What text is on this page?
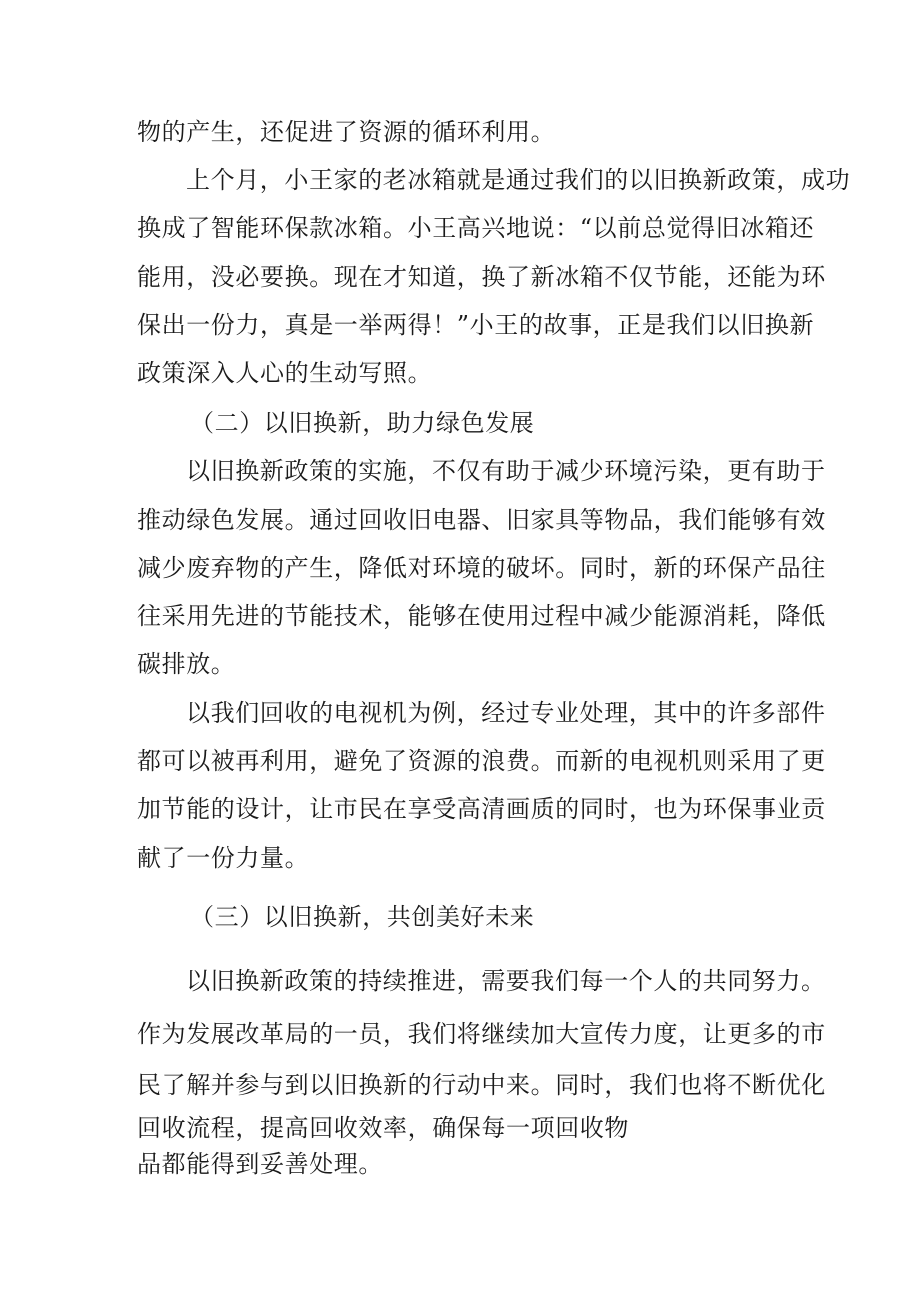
物的产生，还促进了资源的循环利用。
上个月，小王家的老冰箱就是通过我们的以旧换新政策，成功
换成了智能环保款冰箱。小王高兴地说：“以前总觉得旧冰箱还
能用，没必要换。现在才知道，换了新冰箱不仅节能，还能为环
保出一份力，真是一举两得！”小王的故事，正是我们以旧换新
政策深入人心的生动写照。
（二）以旧换新，助力绿色发展
以旧换新政策的实施，不仅有助于减少环境污染，更有助于
推动绿色发展。通过回收旧电器、旧家具等物品，我们能够有效
减少废弃物的产生，降低对环境的破坏。同时，新的环保产品往
往采用先进的节能技术，能够在使用过程中减少能源消耗，降低
碳排放。
以我们回收的电视机为例，经过专业处理，其中的许多部件
都可以被再利用，避免了资源的浪费。而新的电视机则采用了更
加节能的设计，让市民在享受高清画质的同时，也为环保事业贡
献了一份力量。
（三）以旧换新，共创美好未来
以旧换新政策的持续推进，需要我们每一个人的共同努力。
作为发展改革局的一员，我们将继续加大宣传力度，让更多的市
民了解并参与到以旧换新的行动中来。同时，我们也将不断优化
回收流程，提高回收效率，确保每一项回收物
品都能得到妥善处理。
